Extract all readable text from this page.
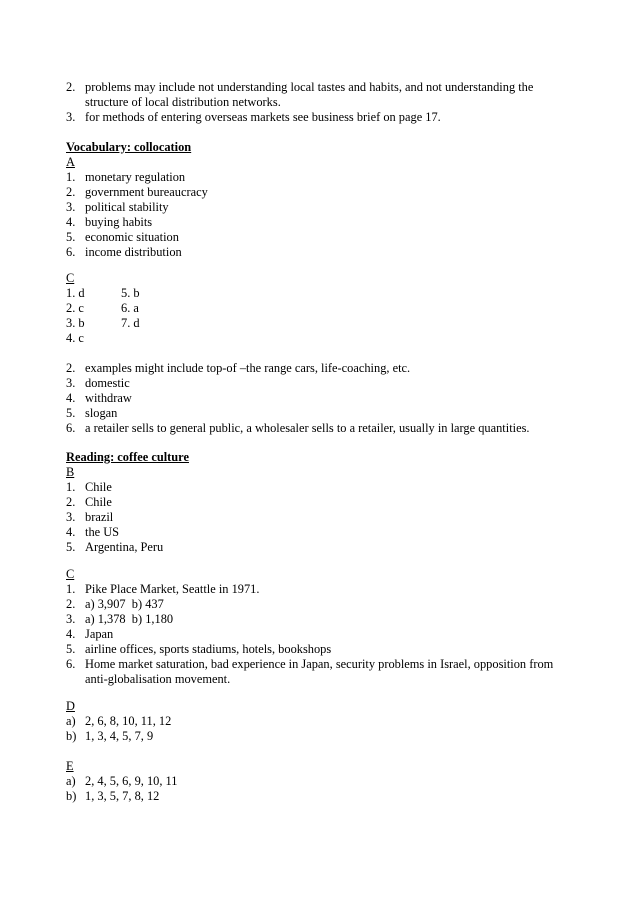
2. problems may include not understanding local tastes and habits, and not understanding the
structure of local distribution networks.
3. for methods of entering overseas markets see business brief on page 17.
Vocabulary: collocation
A
1. monetary regulation
2. government bureaucracy
3. political stability
4. buying habits
5. economic situation
6. income distribution
C
1. d	5. b
2. c	6. a
3. b	7. d
4. c
2. examples might include top-of –the range cars, life-coaching, etc.
3. domestic
4. withdraw
5. slogan
6. a retailer sells to general public, a wholesaler sells to a retailer, usually in large quantities.
Reading: coffee culture
B
1. Chile
2. Chile
3. brazil
4. the US
5. Argentina, Peru
C
1. Pike Place Market, Seattle in 1971.
2. a) 3,907  b) 437
3. a) 1,378  b) 1,180
4. Japan
5. airline offices, sports stadiums, hotels, bookshops
6. Home market saturation, bad experience in Japan, security problems in Israel, opposition from
anti-globalisation movement.
D
a) 2, 6, 8, 10, 11, 12
b) 1, 3, 4, 5, 7, 9
E
a) 2, 4, 5, 6, 9, 10, 11
b) 1, 3, 5, 7, 8, 12
